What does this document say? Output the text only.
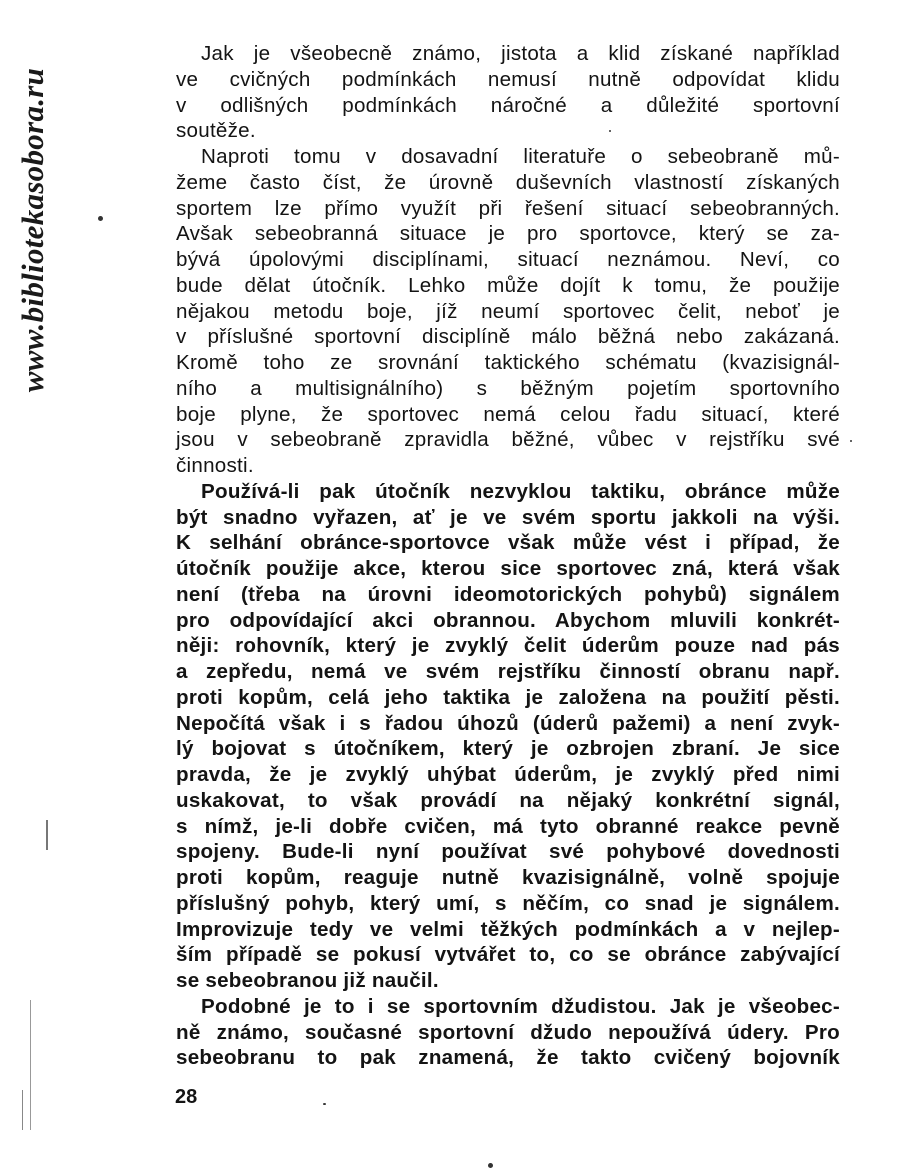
www.bibliotekasobora.ru
Jak je všeobecně známo, jistota a klid získané například
ve cvičných podmínkách nemusí nutně odpovídat klidu
v odlišných podmínkách náročné a důležité sportovní
soutěže.
Naproti tomu v dosavadní literatuře o sebeobraně mů-
žeme často číst, že úrovně duševních vlastností získaných
sportem lze přímo využít při řešení situací sebeobranných.
Avšak sebeobranná situace je pro sportovce, který se za-
bývá úpolovými disciplínami, situací neznámou. Neví, co
bude dělat útočník. Lehko může dojít k tomu, že použije
nějakou metodu boje, jíž neumí sportovec čelit, neboť je
v příslušné sportovní disciplíně málo běžná nebo zakázaná.
Kromě toho ze srovnání taktického schématu (kvazisignál-
ního a multisignálního) s běžným pojetím sportovního
boje plyne, že sportovec nemá celou řadu situací, které
jsou v sebeobraně zpravidla běžné, vůbec v rejstříku své
činnosti.
Používá-li pak útočník nezvyklou taktiku, obránce může
být snadno vyřazen, ať je ve svém sportu jakkoli na výši.
K selhání obránce-sportovce však může vést i případ, že
útočník použije akce, kterou sice sportovec zná, která však
není (třeba na úrovni ideomotorických pohybů) signálem
pro odpovídající akci obrannou. Abychom mluvili konkrét-
něji: rohovník, který je zvyklý čelit úderům pouze nad pás
a zepředu, nemá ve svém rejstříku činností obranu např.
proti kopům, celá jeho taktika je založena na použití pěsti.
Nepočítá však i s řadou úhozů (úderů pažemi) a není zvyk-
lý bojovat s útočníkem, který je ozbrojen zbraní. Je sice
pravda, že je zvyklý uhýbat úderům, je zvyklý před nimi
uskakovat, to však provádí na nějaký konkrétní signál,
s nímž, je-li dobře cvičen, má tyto obranné reakce pevně
spojeny. Bude-li nyní používat své pohybové dovednosti
proti kopům, reaguje nutně kvazisignálně, volně spojuje
příslušný pohyb, který umí, s něčím, co snad je signálem.
Improvizuje tedy ve velmi těžkých podmínkách a v nejlep-
ším případě se pokusí vytvářet to, co se obránce zabývající
se sebeobranou již naučil.
Podobné je to i se sportovním džudistou. Jak je všeobec-
ně známo, současné sportovní džudo nepoužívá údery. Pro
sebeobranu to pak znamená, že takto cvičený bojovník
28
